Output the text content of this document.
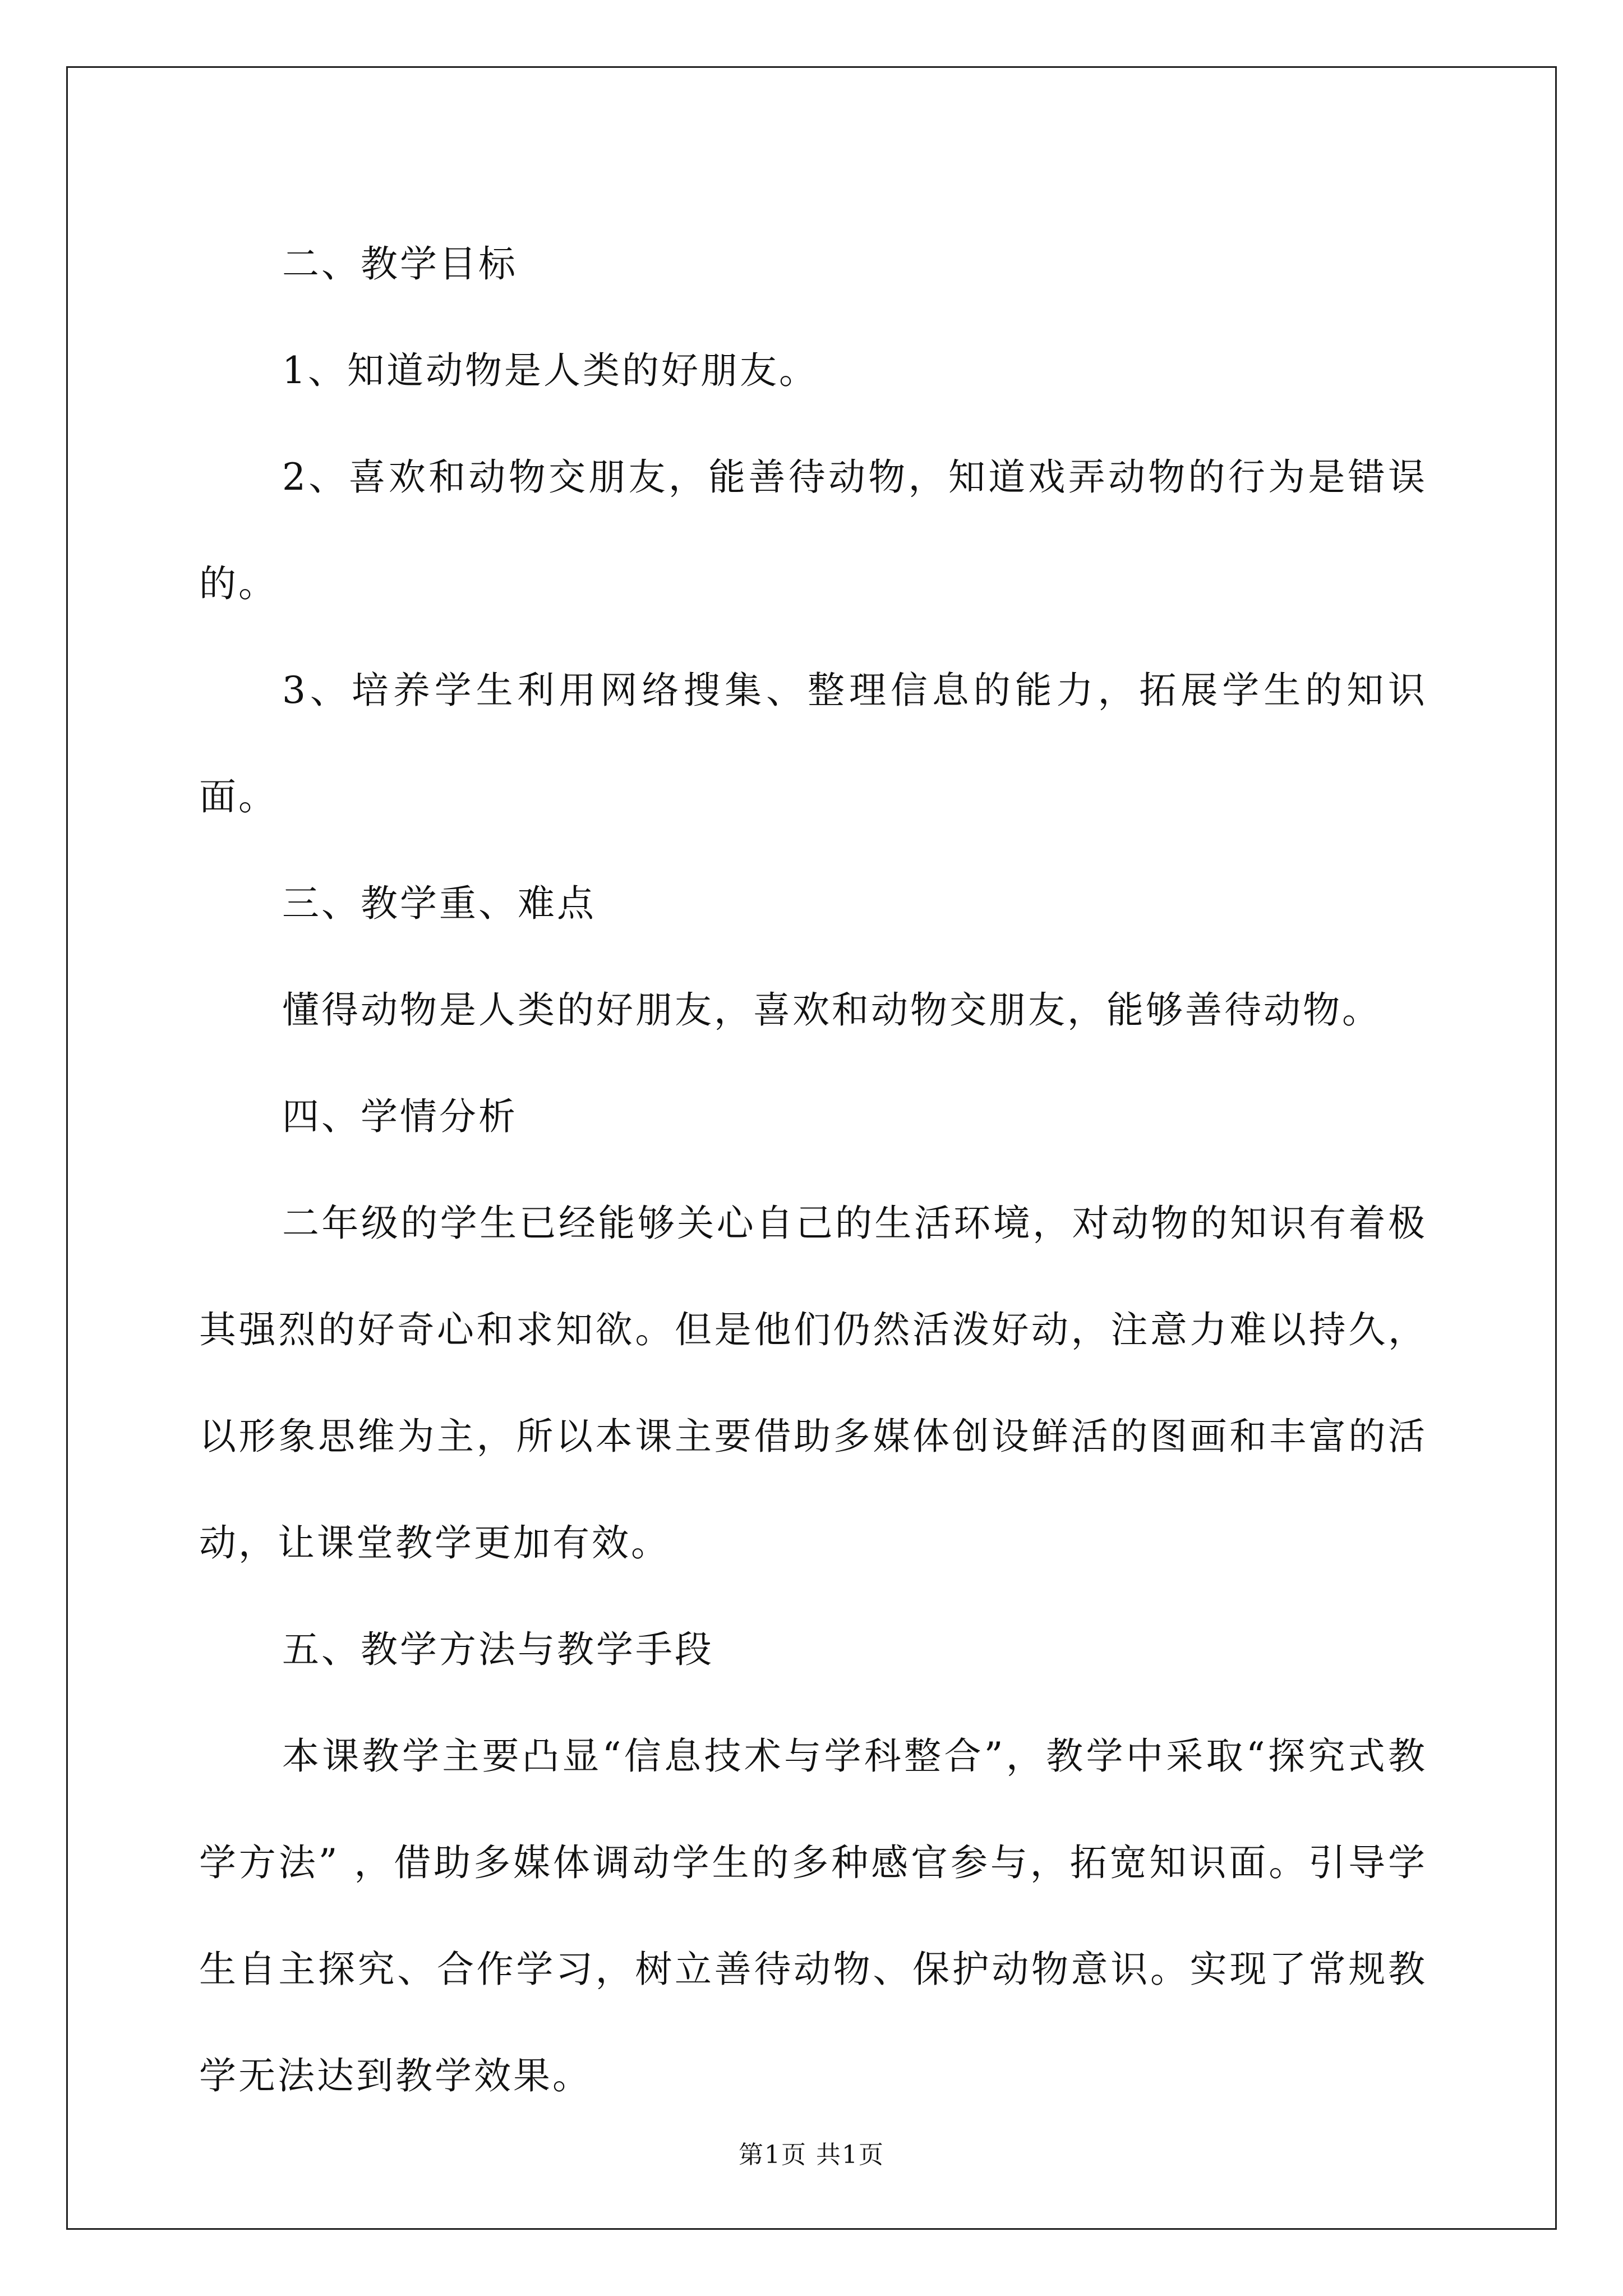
二、教学目标

1、知道动物是人类的好朋友。

2、喜欢和动物交朋友，能善待动物，知道戏弄动物的行为是错误的。

3、培养学生利用网络搜集、整理信息的能力，拓展学生的知识面。

三、教学重、难点

懂得动物是人类的好朋友，喜欢和动物交朋友，能够善待动物。

四、学情分析

二年级的学生已经能够关心自己的生活环境，对动物的知识有着极其强烈的好奇心和求知欲。但是他们仍然活泼好动，注意力难以持久，以形象思维为主，所以本课主要借助多媒体创设鲜活的图画和丰富的活动，让课堂教学更加有效。

五、教学方法与教学手段

本课教学主要凸显“信息技术与学科整合”，教学中采取“探究式教学方法” ，借助多媒体调动学生的多种感官参与，拓宽知识面。引导学生自主探究、合作学习，树立善待动物、保护动物意识。实现了常规教学无法达到教学效果。

第1页 共1页
